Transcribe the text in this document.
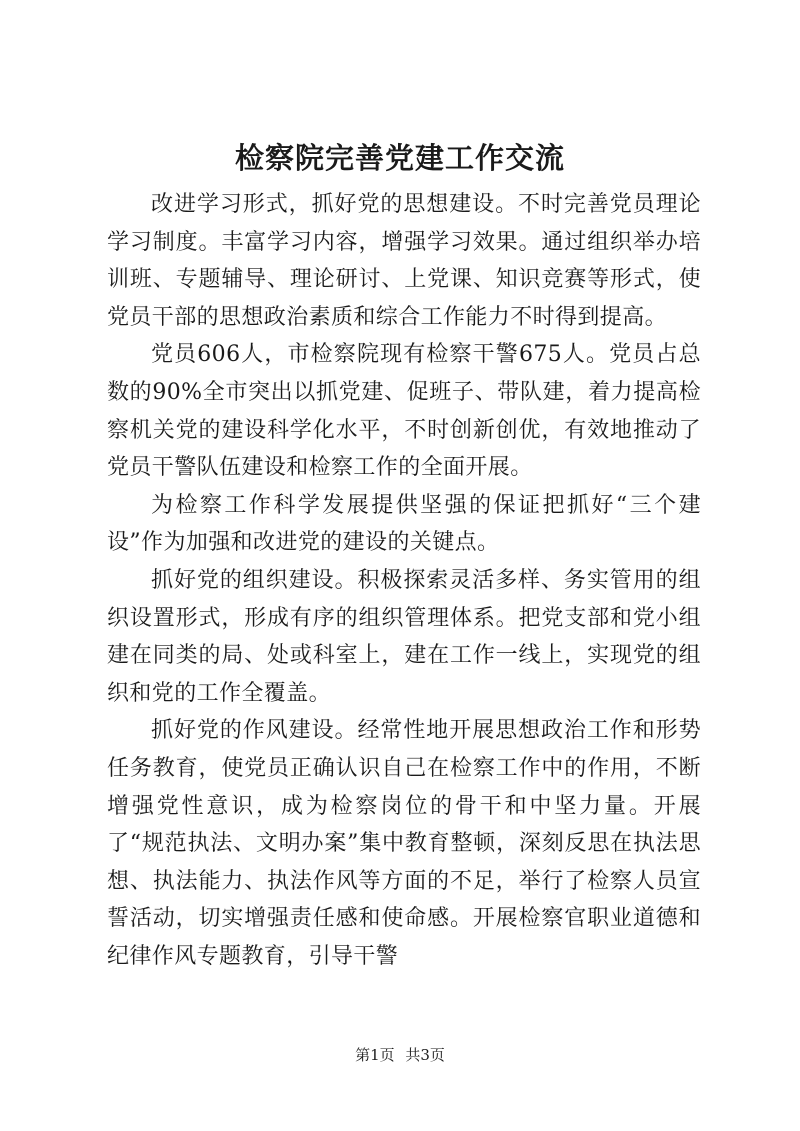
检察院完善党建工作交流

改进学习形式，抓好党的思想建设。不时完善党员理论学习制度。丰富学习内容，增强学习效果。通过组织举办培训班、专题辅导、理论研讨、上党课、知识竞赛等形式，使党员干部的思想政治素质和综合工作能力不时得到提高。

党员606人，市检察院现有检察干警675人。党员占总数的90%全市突出以抓党建、促班子、带队建，着力提高检察机关党的建设科学化水平，不时创新创优，有效地推动了党员干警队伍建设和检察工作的全面开展。

为检察工作科学发展提供坚强的保证把抓好“三个建设”作为加强和改进党的建设的关键点。

抓好党的组织建设。积极探索灵活多样、务实管用的组织设置形式，形成有序的组织管理体系。把党支部和党小组建在同类的局、处或科室上，建在工作一线上，实现党的组织和党的工作全覆盖。

抓好党的作风建设。经常性地开展思想政治工作和形势任务教育，使党员正确认识自己在检察工作中的作用，不断增强党性意识，成为检察岗位的骨干和中坚力量。开展了“规范执法、文明办案”集中教育整顿，深刻反思在执法思想、执法能力、执法作风等方面的不足，举行了检察人员宣誓活动，切实增强责任感和使命感。开展检察官职业道德和纪律作风专题教育，引导干警

第1页 共3页
